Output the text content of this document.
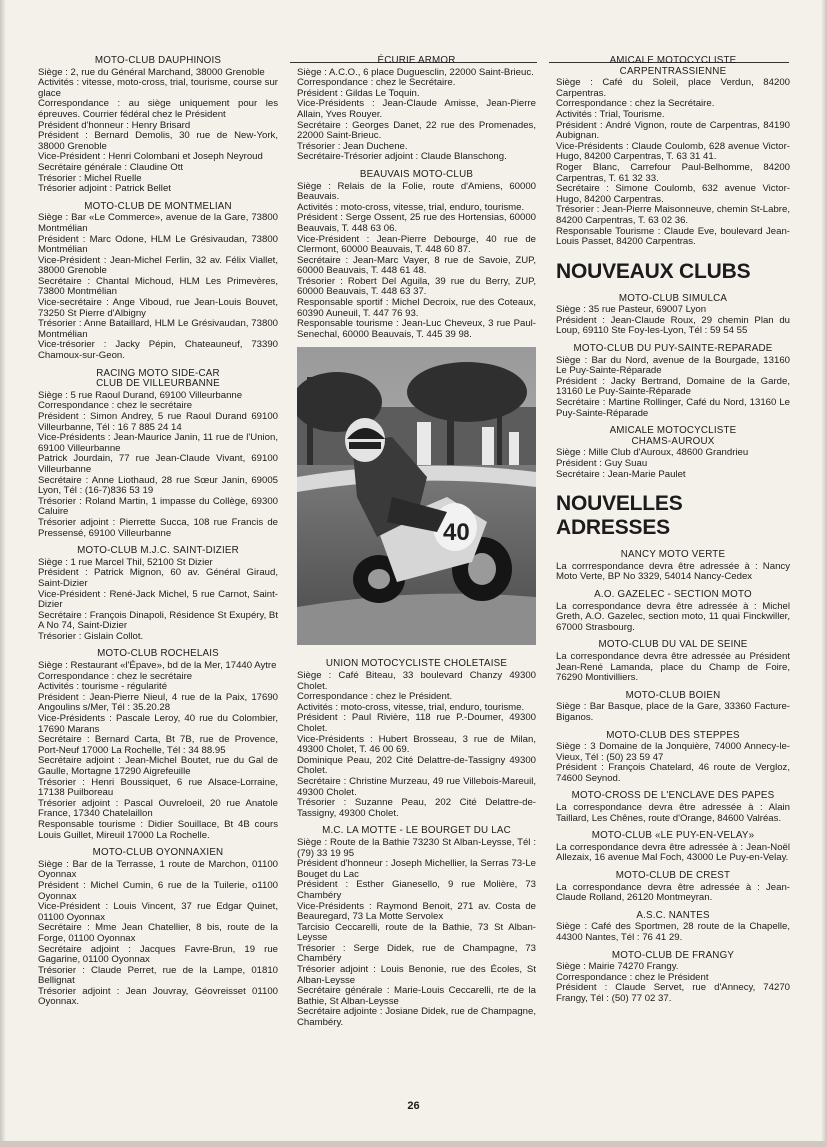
MOTO-CLUB DAUPHINOIS
Siège : 2, rue du Général Marchand, 38000 Grenoble
Activités : vitesse, moto-cross, trial, tourisme, course sur glace
Correspondance : au siège uniquement pour les épreuves. Courrier fédéral chez le Président
Président d'honneur : Henry Brisard
Président : Bernard Demolis, 30 rue de New-York, 38000 Grenoble
Vice-Président : Henri Colombani et Joseph Neyroud
Secrétaire générale : Claudine Ott
Trésorier : Michel Ruelle
Trésorier adjoint : Patrick Bellet
MOTO-CLUB DE MONTMELIAN
Siège : Bar «Le Commerce», avenue de la Gare, 73800 Montmélian
Président : Marc Odone, HLM Le Grésivaudan, 73800 Montmélian
Vice-Président : Jean-Michel Ferlin, 32 av. Félix Viallet, 38000 Grenoble
Secrétaire : Chantal Michoud, HLM Les Primevères, 73800 Montmélian
Vice-secrétaire : Ange Viboud, rue Jean-Louis Bouvet, 73250 St Pierre d'Albigny
Trésorier : Anne Bataillard, HLM Le Grésivaudan, 73800 Montmélian
Vice-trésorier : Jacky Pépin, Chateauneuf, 73390 Chamoux-sur-Geon.
RACING MOTO SIDE-CAR
CLUB DE VILLEURBANNE
Siège : 5 rue Raoul Durand, 69100 Villeurbanne
Correspondance : chez le secrétaire
Président : Simon Andrey, 5 rue Raoul Durand 69100 Villeurbanne, Tél : 16 7 885 24 14
Vice-Présidents : Jean-Maurice Janin, 11 rue de l'Union, 69100 Villeurbanne
Patrick Jourdain, 77 rue Jean-Claude Vivant, 69100 Villeurbanne
Secrétaire : Anne Liothaud, 28 rue Sœur Janin, 69005 Lyon, Tél : (16-7)836 53 19
Trésorier : Roland Martin, 1 impasse du Collège, 69300 Caluire
Trésorier adjoint : Pierrette Succa, 108 rue Francis de Pressensé, 69100 Villeurbanne
MOTO-CLUB M.J.C. SAINT-DIZIER
Siège : 1 rue Marcel Thil, 52100 St Dizier
Président : Patrick Mignon, 60 av. Général Giraud, Saint-Dizier
Vice-Président : René-Jack Michel, 5 rue Carnot, Saint-Dizier
Secrétaire : François Dinapoli, Résidence St Exupéry, Bt A No 74, Saint-Dizier
Trésorier : Gislain Collot.
MOTO-CLUB ROCHELAIS
Siège : Restaurant «l'Épave», bd de la Mer, 17440 Aytre
Correspondance : chez le secrétaire
Activités : tourisme - régularité
Président : Jean-Pierre Nieul, 4 rue de la Paix, 17690 Angoulins s/Mer, Tél : 35.20.28
Vice-Présidents : Pascale Leroy, 40 rue du Colombier, 17690 Marans
Secrétaire : Bernard Carta, Bt 7B, rue de Provence, Port-Neuf 17000 La Rochelle, Tél : 34 88.95
Secrétaire adjoint : Jean-Michel Boutet, rue du Gal de Gaulle, Mortagne 17290 Aigrefeuille
Trésorier : Henri Boussiquet, 6 rue Alsace-Lorraine, 17138 Puilboreau
Trésorier adjoint : Pascal Ouvreloeil, 20 rue Anatole France, 17340 Chatelaillon
Responsable tourisme : Didier Souillace, Bt 4B cours Louis Guillet, Mireuil 17000 La Rochelle.
MOTO-CLUB OYONNAXIEN
Siège : Bar de la Terrasse, 1 route de Marchon, 01100 Oyonnax
Président : Michel Cumin, 6 rue de la Tuilerie, o1100 Oyonnax
Vice-Président : Louis Vincent, 37 rue Edgar Quinet, 01100 Oyonnax
Secrétaire : Mme Jean Chatellier, 8 bis, route de la Forge, 01100 Oyonnax
Secrétaire adjoint : Jacques Favre-Brun, 19 rue Gagarine, 01100 Oyonnax
Trésorier : Claude Perret, rue de la Lampe, 01810 Bellignat
Trésorier adjoint : Jean Jouvray, Géovreisset 01100 Oyonnax.
ÉCURIE ARMOR
Siège : A.C.O., 6 place Duguesclin, 22000 Saint-Brieuc.
Correspondance : chez le Secrétaire.
Président : Gildas Le Toquin.
Vice-Présidents : Jean-Claude Amisse, Jean-Pierre Allain, Yves Rouyer.
Secrétaire : Georges Danet, 22 rue des Promenades, 22000 Saint-Brieuc.
Trésorier : Jean Duchene.
Secrétaire-Trésorier adjoint : Claude Blanschong.
BEAUVAIS MOTO-CLUB
Siège : Relais de la Folie, route d'Amiens, 60000 Beauvais.
Activités : moto-cross, vitesse, trial, enduro, tourisme.
Président : Serge Ossent, 25 rue des Hortensias, 60000 Beauvais, T. 448 63 06.
Vice-Président : Jean-Pierre Debourge, 40 rue de Clermont, 60000 Beauvais, T. 448 60 87.
Secrétaire : Jean-Marc Vayer, 8 rue de Savoie, ZUP, 60000 Beauvais, T. 448 61 48.
Trésorier : Robert Del Aguila, 39 rue du Berry, ZUP, 60000 Beauvais, T. 448 63 37.
Responsable sportif : Michel Decroix, rue des Coteaux, 60390 Auneuil, T. 447 76 93.
Responsable tourisme : Jean-Luc Cheveux, 3 rue Paul-Senechal, 60000 Beauvais, T. 445 39 98.
40
UNION MOTOCYCLISTE CHOLETAISE
Siège : Café Biteau, 33 boulevard Chanzy 49300 Cholet.
Correspondance : chez le Président.
Activités : moto-cross, vitesse, trial, enduro, tourisme.
Président : Paul Rivière, 118 rue P.-Doumer, 49300 Cholet.
Vice-Présidents : Hubert Brosseau, 3 rue de Milan, 49300 Cholet, T. 46 00 69.
Dominique Peau, 202 Cité Delattre-de-Tassigny 49300 Cholet.
Secrétaire : Christine Murzeau, 49 rue Villebois-Mareuil, 49300 Cholet.
Trésorier : Suzanne Peau, 202 Cité Delattre-de-Tassigny, 49300 Cholet.
M.C. LA MOTTE - LE BOURGET DU LAC
Siège : Route de la Bathie 73230 St Alban-Leysse, Tél : (79) 33 19 95
Président d'honneur : Joseph Michellier, la Serras 73-Le Bouget du Lac
Président : Esther Gianesello, 9 rue Molière, 73 Chambéry
Vice-Présidents : Raymond Benoit, 271 av. Costa de Beauregard, 73 La Motte Servolex
Tarcisio Ceccarelli, route de la Bathie, 73 St Alban-Leysse
Trésorier : Serge Didek, rue de Champagne, 73 Chambéry
Trésorier adjoint : Louis Benonie, rue des Écoles, St Alban-Leysse
Secrétaire générale : Marie-Louis Ceccarelli, rte de la Bathie, St Alban-Leysse
Secrétaire adjointe : Josiane Didek, rue de Champagne, Chambéry.
AMICALE MOTOCYCLISTE
CARPENTRASSIENNE
Siège : Café du Soleil, place Verdun, 84200 Carpentras.
Correspondance : chez la Secrétaire.
Activités : Trial, Tourisme.
Président : André Vignon, route de Carpentras, 84190 Aubignan.
Vice-Présidents : Claude Coulomb, 628 avenue Victor-Hugo, 84200 Carpentras, T. 63 31 41.
Roger Blanc, Carrefour Paul-Belhomme, 84200 Carpentras, T. 61 32 33.
Secrétaire : Simone Coulomb, 632 avenue Victor-Hugo, 84200 Carpentras.
Trésorier : Jean-Pierre Maisonneuve, chemin St-Labre, 84200 Carpentras, T. 63 02 36.
Responsable Tourisme : Claude Eve, boulevard Jean-Louis Passet, 84200 Carpentras.
NOUVEAUX CLUBS
MOTO-CLUB SIMULCA
Siège : 35 rue Pasteur, 69007 Lyon
Président : Jean-Claude Roux, 29 chemin Plan du Loup, 69110 Ste Foy-les-Lyon, Tél : 59 54 55
MOTO-CLUB DU PUY-SAINTE-REPARADE
Siège : Bar du Nord, avenue de la Bourgade, 13160 Le Puy-Sainte-Réparade
Président : Jacky Bertrand, Domaine de la Garde, 13160 Le Puy-Sainte-Réparade
Secrétaire : Martine Rollinger, Café du Nord, 13160 Le Puy-Sainte-Réparade
AMICALE MOTOCYCLISTE
CHAMS-AUROUX
Siège : Mille Club d'Auroux, 48600 Grandrieu
Président : Guy Suau
Secrétaire : Jean-Marie Paulet
NOUVELLES ADRESSES
NANCY MOTO VERTE
La corrrespondance devra être adressée à : Nancy Moto Verte, BP No 3329, 54014 Nancy-Cedex
A.O. GAZELEC - SECTION MOTO
La correspondance devra être adressée à : Michel Greth, A.O. Gazelec, section moto, 11 quai Finckwiller, 67000 Strasbourg.
MOTO-CLUB DU VAL DE SEINE
La correspondance devra être adressée au Président Jean-René Lamanda, place du Champ de Foire, 76290 Montivilliers.
MOTO-CLUB BOIEN
Siège : Bar Basque, place de la Gare, 33360 Facture-Biganos.
MOTO-CLUB DES STEPPES
Siège : 3 Domaine de la Jonquière, 74000 Annecy-le-Vieux, Tél : (50) 23 59 47
Président : François Chatelard, 46 route de Vergloz, 74600 Seynod.
MOTO-CROSS DE L'ENCLAVE DES PAPES
La correspondance devra être adressée à : Alain Taillard, Les Chênes, route d'Orange, 84600 Valréas.
MOTO-CLUB «LE PUY-EN-VELAY»
La correspondance devra être adressée à : Jean-Noël Allezaix, 16 avenue Mal Foch, 43000 Le Puy-en-Velay.
MOTO-CLUB DE CREST
La correspondance devra être adressée à : Jean-Claude Rolland, 26120 Montmeyran.
A.S.C. NANTES
Siège : Café des Sportmen, 28 route de la Chapelle, 44300 Nantes, Tél : 76 41 29.
MOTO-CLUB DE FRANGY
Siège : Mairie 74270 Frangy.
Correspondance : chez le Président
Président : Claude Servet, rue d'Annecy, 74270 Frangy, Tél : (50) 77 02 37.
26
